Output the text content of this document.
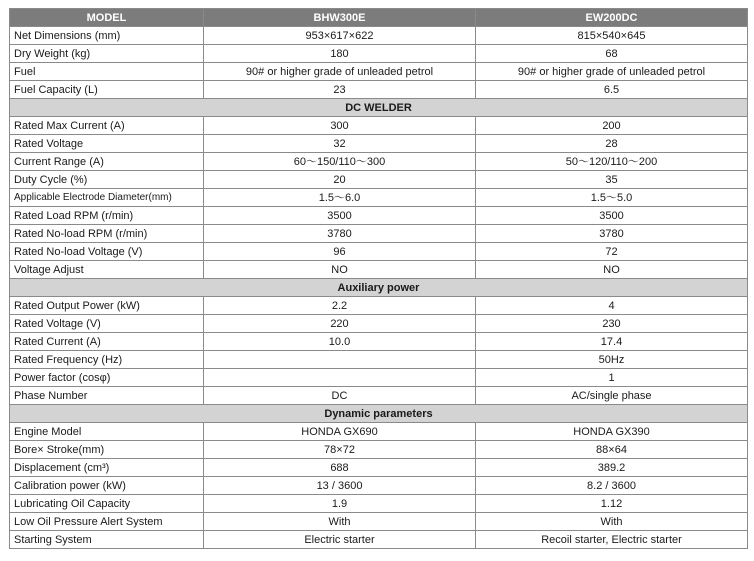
MODEL	BHW300E	EW200DC
Net Dimensions (mm)	953×617×622	815×540×645
Dry Weight (kg)	180	68
Fuel	90# or higher grade of unleaded petrol	90# or higher grade of unleaded petrol
Fuel Capacity (L)	23	6.5
DC WELDER		
Rated Max Current (A)	300	200
Rated Voltage	32	28
Current Range (A)	60～150/110～300	50～120/110～200
Duty Cycle (%)	20	35
Applicable Electrode Diameter(mm)	1.5～6.0	1.5～5.0
Rated Load RPM (r/min)	3500	3500
Rated No-load RPM (r/min)	3780	3780
Rated No-load Voltage (V)	96	72
Voltage Adjust	NO	NO
Auxiliary power		
Rated Output Power (kW)	2.2	4
Rated Voltage (V)	220	230
Rated Current (A)	10.0	17.4
Rated Frequency (Hz)		50Hz
Power factor (cosφ)		1
Phase Number	DC	AC/single phase
Dynamic parameters		
Engine Model	HONDA GX690	HONDA GX390
Bore× Stroke(mm)	78×72	88×64
Displacement (cm³)	688	389.2
Calibration power (kW)	13 / 3600	8.2 / 3600
Lubricating Oil Capacity	1.9	1.12
Low Oil Pressure Alert System	With	With
Starting System	Electric starter	Recoil starter, Electric starter
